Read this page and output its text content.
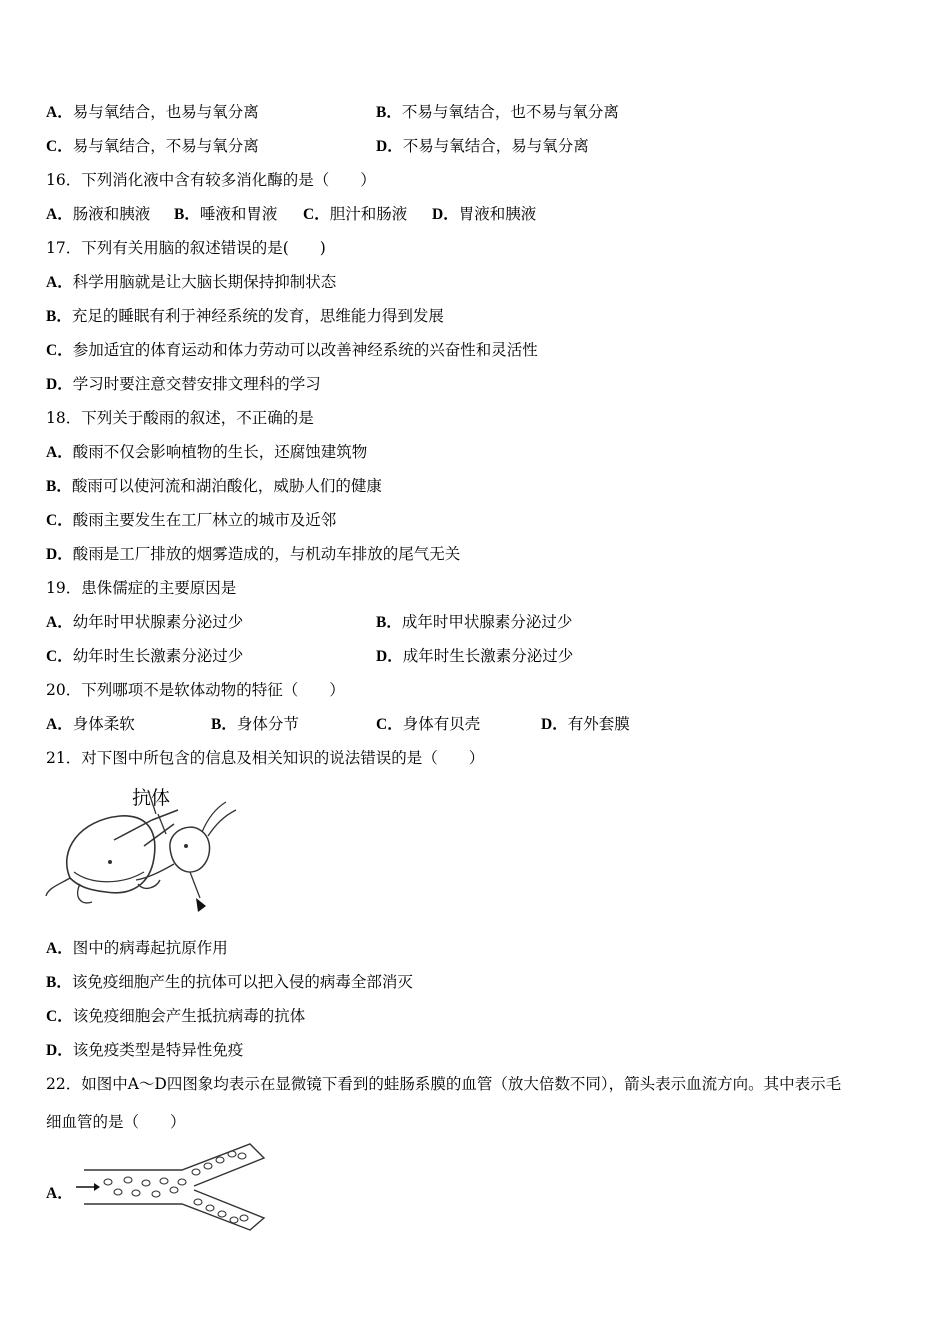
A．易与氧结合，也易与氧分离	B．不易与氧结合，也不易与氧分离
C．易与氧结合，不易与氧分离	D．不易与氧结合，易与氧分离
16．下列消化液中含有较多消化酶的是（　　）
A．肠液和胰液 B．唾液和胃液 C．胆汁和肠液 D．胃液和胰液
17．下列有关用脑的叙述错误的是(　　)
A．科学用脑就是让大脑长期保持抑制状态
B．充足的睡眠有利于神经系统的发育，思维能力得到发展
C．参加适宜的体育运动和体力劳动可以改善神经系统的兴奋性和灵活性
D．学习时要注意交替安排文理科的学习
18．下列关于酸雨的叙述，不正确的是
A．酸雨不仅会影响植物的生长，还腐蚀建筑物
B．酸雨可以使河流和湖泊酸化，威胁人们的健康
C．酸雨主要发生在工厂林立的城市及近邻
D．酸雨是工厂排放的烟雾造成的，与机动车排放的尾气无关
19．患侏儒症的主要原因是
A．幼年时甲状腺素分泌过少	B．成年时甲状腺素分泌过少
C．幼年时生长激素分泌过少	D．成年时生长激素分泌过少
20．下列哪项不是软体动物的特征（　　）
A．身体柔软	B．身体分节	C．身体有贝壳	D．有外套膜
21．对下图中所包含的信息及相关知识的说法错误的是（　　）
抗体
A．图中的病毒起抗原作用
B．该免疫细胞产生的抗体可以把入侵的病毒全部消灭
C．该免疫细胞会产生抵抗病毒的抗体
D．该免疫类型是特异性免疫
22．如图中A～D四图象均表示在显微镜下看到的蛙肠系膜的血管（放大倍数不同），箭头表示血流方向。其中表示毛
细血管的是（　　）
A．
